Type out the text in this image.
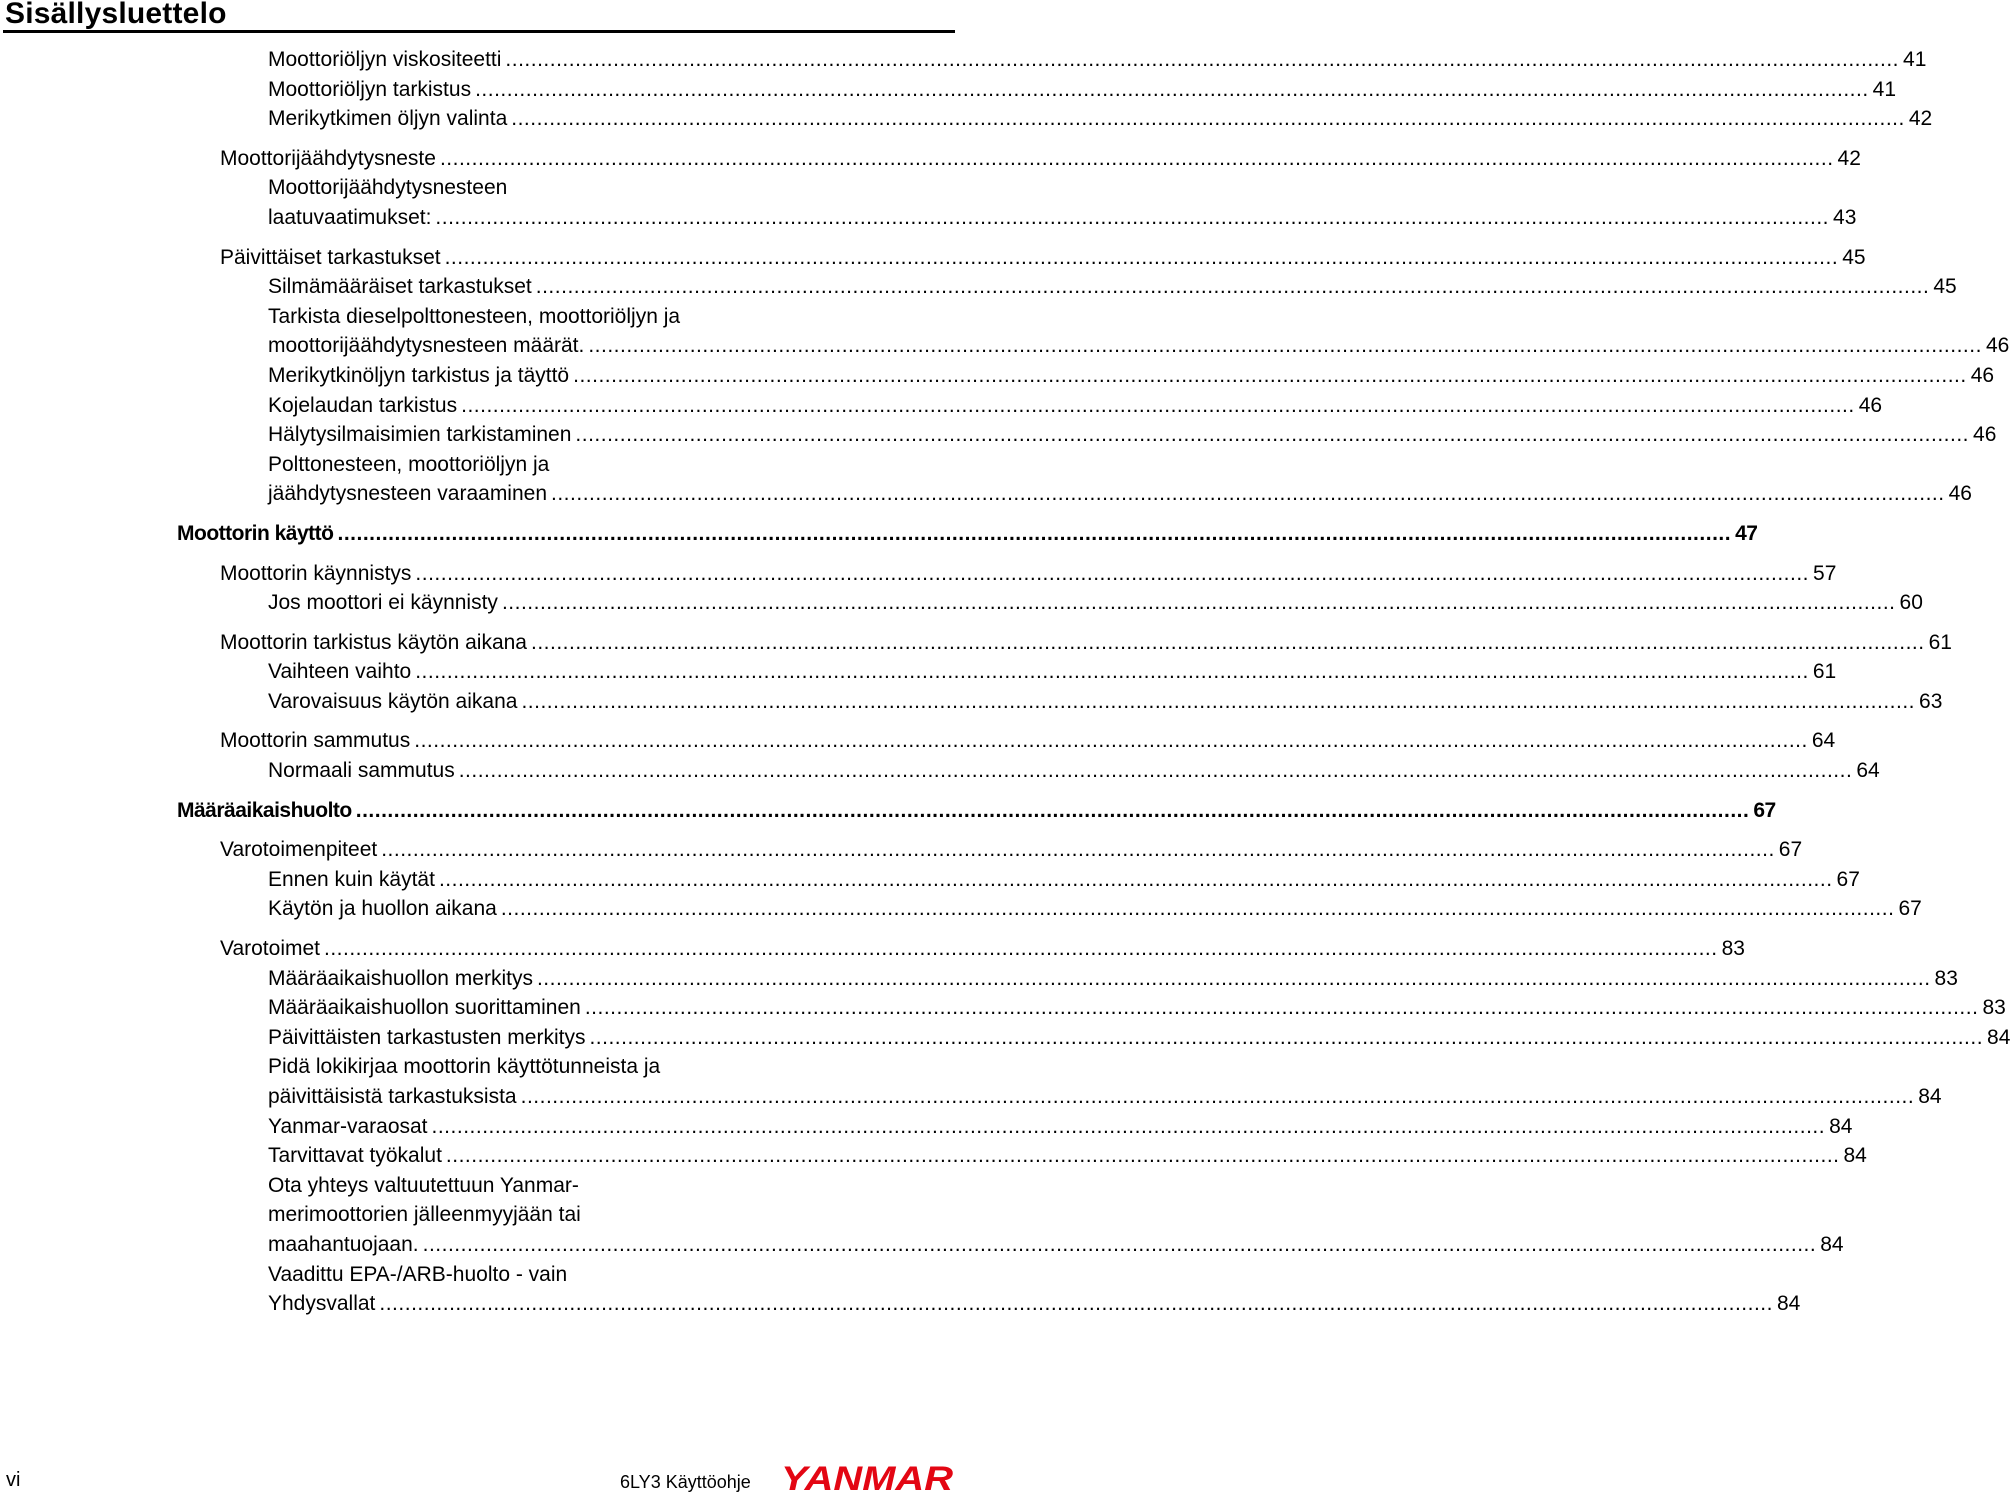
Sisällysluettelo
Moottoriöljyn viskositeetti ............................................................................................................................................................................................................................ 41
Moottoriöljyn tarkistus ............................................................................................................................................................................................................................ 41
Merikytkimen öljyn valinta ............................................................................................................................................................................................................................ 42
Moottorijäähdytysneste ............................................................................................................................................................................................................................ 42
Moottorijäähdytysnesteen
laatuvaatimukset: ............................................................................................................................................................................................................................ 43
Päivittäiset tarkastukset ............................................................................................................................................................................................................................ 45
Silmämääräiset tarkastukset ............................................................................................................................................................................................................................ 45
Tarkista dieselpolttonesteen, moottoriöljyn ja
moottorijäähdytysnesteen määrät. ............................................................................................................................................................................................................................ 46
Merikytkinöljyn tarkistus ja täyttö ............................................................................................................................................................................................................................ 46
Kojelaudan tarkistus ............................................................................................................................................................................................................................ 46
Hälytysilmaisimien tarkistaminen ............................................................................................................................................................................................................................ 46
Polttonesteen, moottoriöljyn ja
jäähdytysnesteen varaaminen ............................................................................................................................................................................................................................ 46
Moottorin käyttö ............................................................................................................................................................................................................................ 47
Moottorin käynnistys ............................................................................................................................................................................................................................ 57
Jos moottori ei käynnisty ............................................................................................................................................................................................................................ 60
Moottorin tarkistus käytön aikana ............................................................................................................................................................................................................................ 61
Vaihteen vaihto ............................................................................................................................................................................................................................ 61
Varovaisuus käytön aikana ............................................................................................................................................................................................................................ 63
Moottorin sammutus ............................................................................................................................................................................................................................ 64
Normaali sammutus ............................................................................................................................................................................................................................ 64
Määräaikaishuolto ............................................................................................................................................................................................................................ 67
Varotoimenpiteet ............................................................................................................................................................................................................................ 67
Ennen kuin käytät ............................................................................................................................................................................................................................ 67
Käytön ja huollon aikana ............................................................................................................................................................................................................................ 67
Varotoimet ............................................................................................................................................................................................................................ 83
Määräaikaishuollon merkitys ............................................................................................................................................................................................................................ 83
Määräaikaishuollon suorittaminen ............................................................................................................................................................................................................................ 83
Päivittäisten tarkastusten merkitys ............................................................................................................................................................................................................................ 84
Pidä lokikirjaa moottorin käyttötunneista ja
päivittäisistä tarkastuksista ............................................................................................................................................................................................................................ 84
Yanmar-varaosat ............................................................................................................................................................................................................................ 84
Tarvittavat työkalut ............................................................................................................................................................................................................................ 84
Ota yhteys valtuutettuun Yanmar-
merimoottorien jälleenmyyjään tai
maahantuojaan. ............................................................................................................................................................................................................................ 84
Vaadittu EPA-/ARB-huolto - vain
Yhdysvallat ............................................................................................................................................................................................................................ 84
vi	6LY3 Käyttöohje YANMAR
